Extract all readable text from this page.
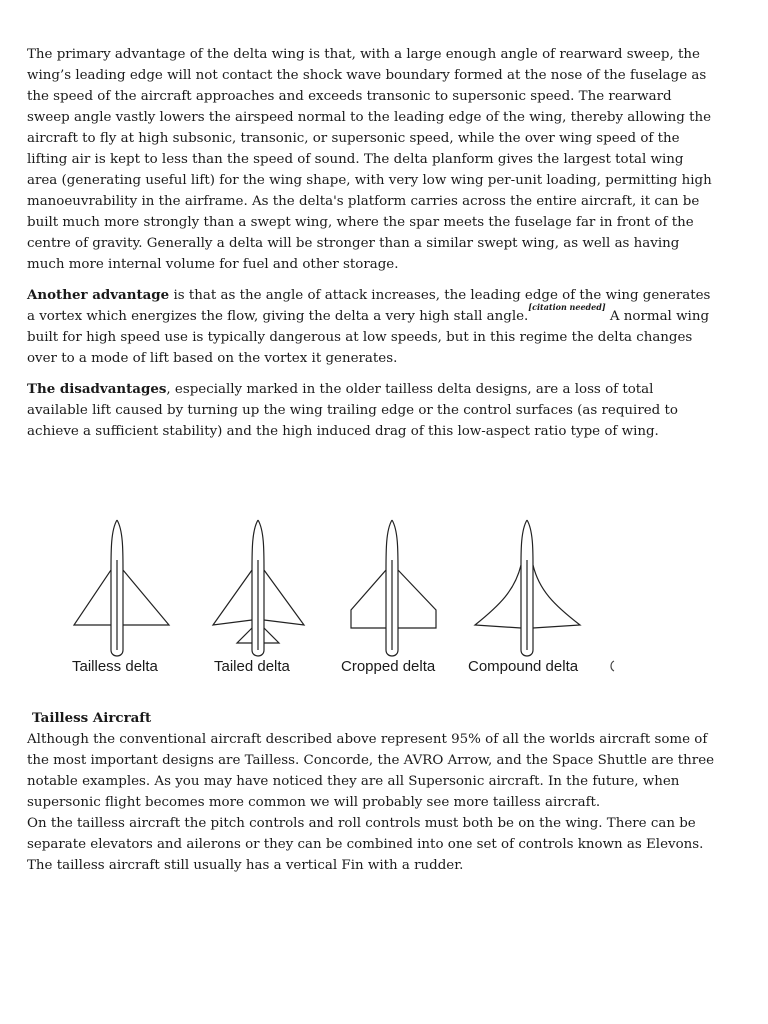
The primary advantage of the delta wing is that, with a large enough angle of rearward sweep, the wing’s leading edge will not contact the shock wave boundary formed at the nose of the fuselage as the speed of the aircraft approaches and exceeds transonic to supersonic speed. The rearward sweep angle vastly lowers the airspeed normal to the leading edge of the wing, thereby allowing the aircraft to fly at high subsonic, transonic, or supersonic speed, while the over wing speed of the lifting air is kept to less than the speed of sound. The delta planform gives the largest total wing area (generating useful lift) for the wing shape, with very low wing per-unit loading, permitting high manoeuvrability in the airframe. As the delta's platform carries across the entire aircraft, it can be built much more strongly than a swept wing, where the spar meets the fuselage far in front of the centre of gravity. Generally a delta will be stronger than a similar swept wing, as well as having much more internal volume for fuel and other storage.

Another advantage is that as the angle of attack increases, the leading edge of the wing generates a vortex which energizes the flow, giving the delta a very high stall angle.[citation needed] A normal wing built for high speed use is typically dangerous at low speeds, but in this regime the delta changes over to a mode of lift based on the vortex it generates.

The disadvantages, especially marked in the older tailless delta designs, are a loss of total available lift caused by turning up the wing trailing edge or the control surfaces (as required to achieve a sufficient stability) and the high induced drag of this low-aspect ratio type of wing.

Tailless delta	Tailed delta	Cropped delta Compound delta

Tailless Aircraft

Although the conventional aircraft described above represent 95% of all the worlds aircraft some of the most important designs are Tailless. Concorde, the AVRO Arrow, and the Space Shuttle are three notable examples. As you may have noticed they are all Supersonic aircraft. In the future, when supersonic flight becomes more common we will probably see more tailless aircraft.

On the tailless aircraft the pitch controls and roll controls must both be on the wing. There can be separate elevators and ailerons or they can be combined into one set of controls known as Elevons.

The tailless aircraft still usually has a vertical Fin with a rudder.
